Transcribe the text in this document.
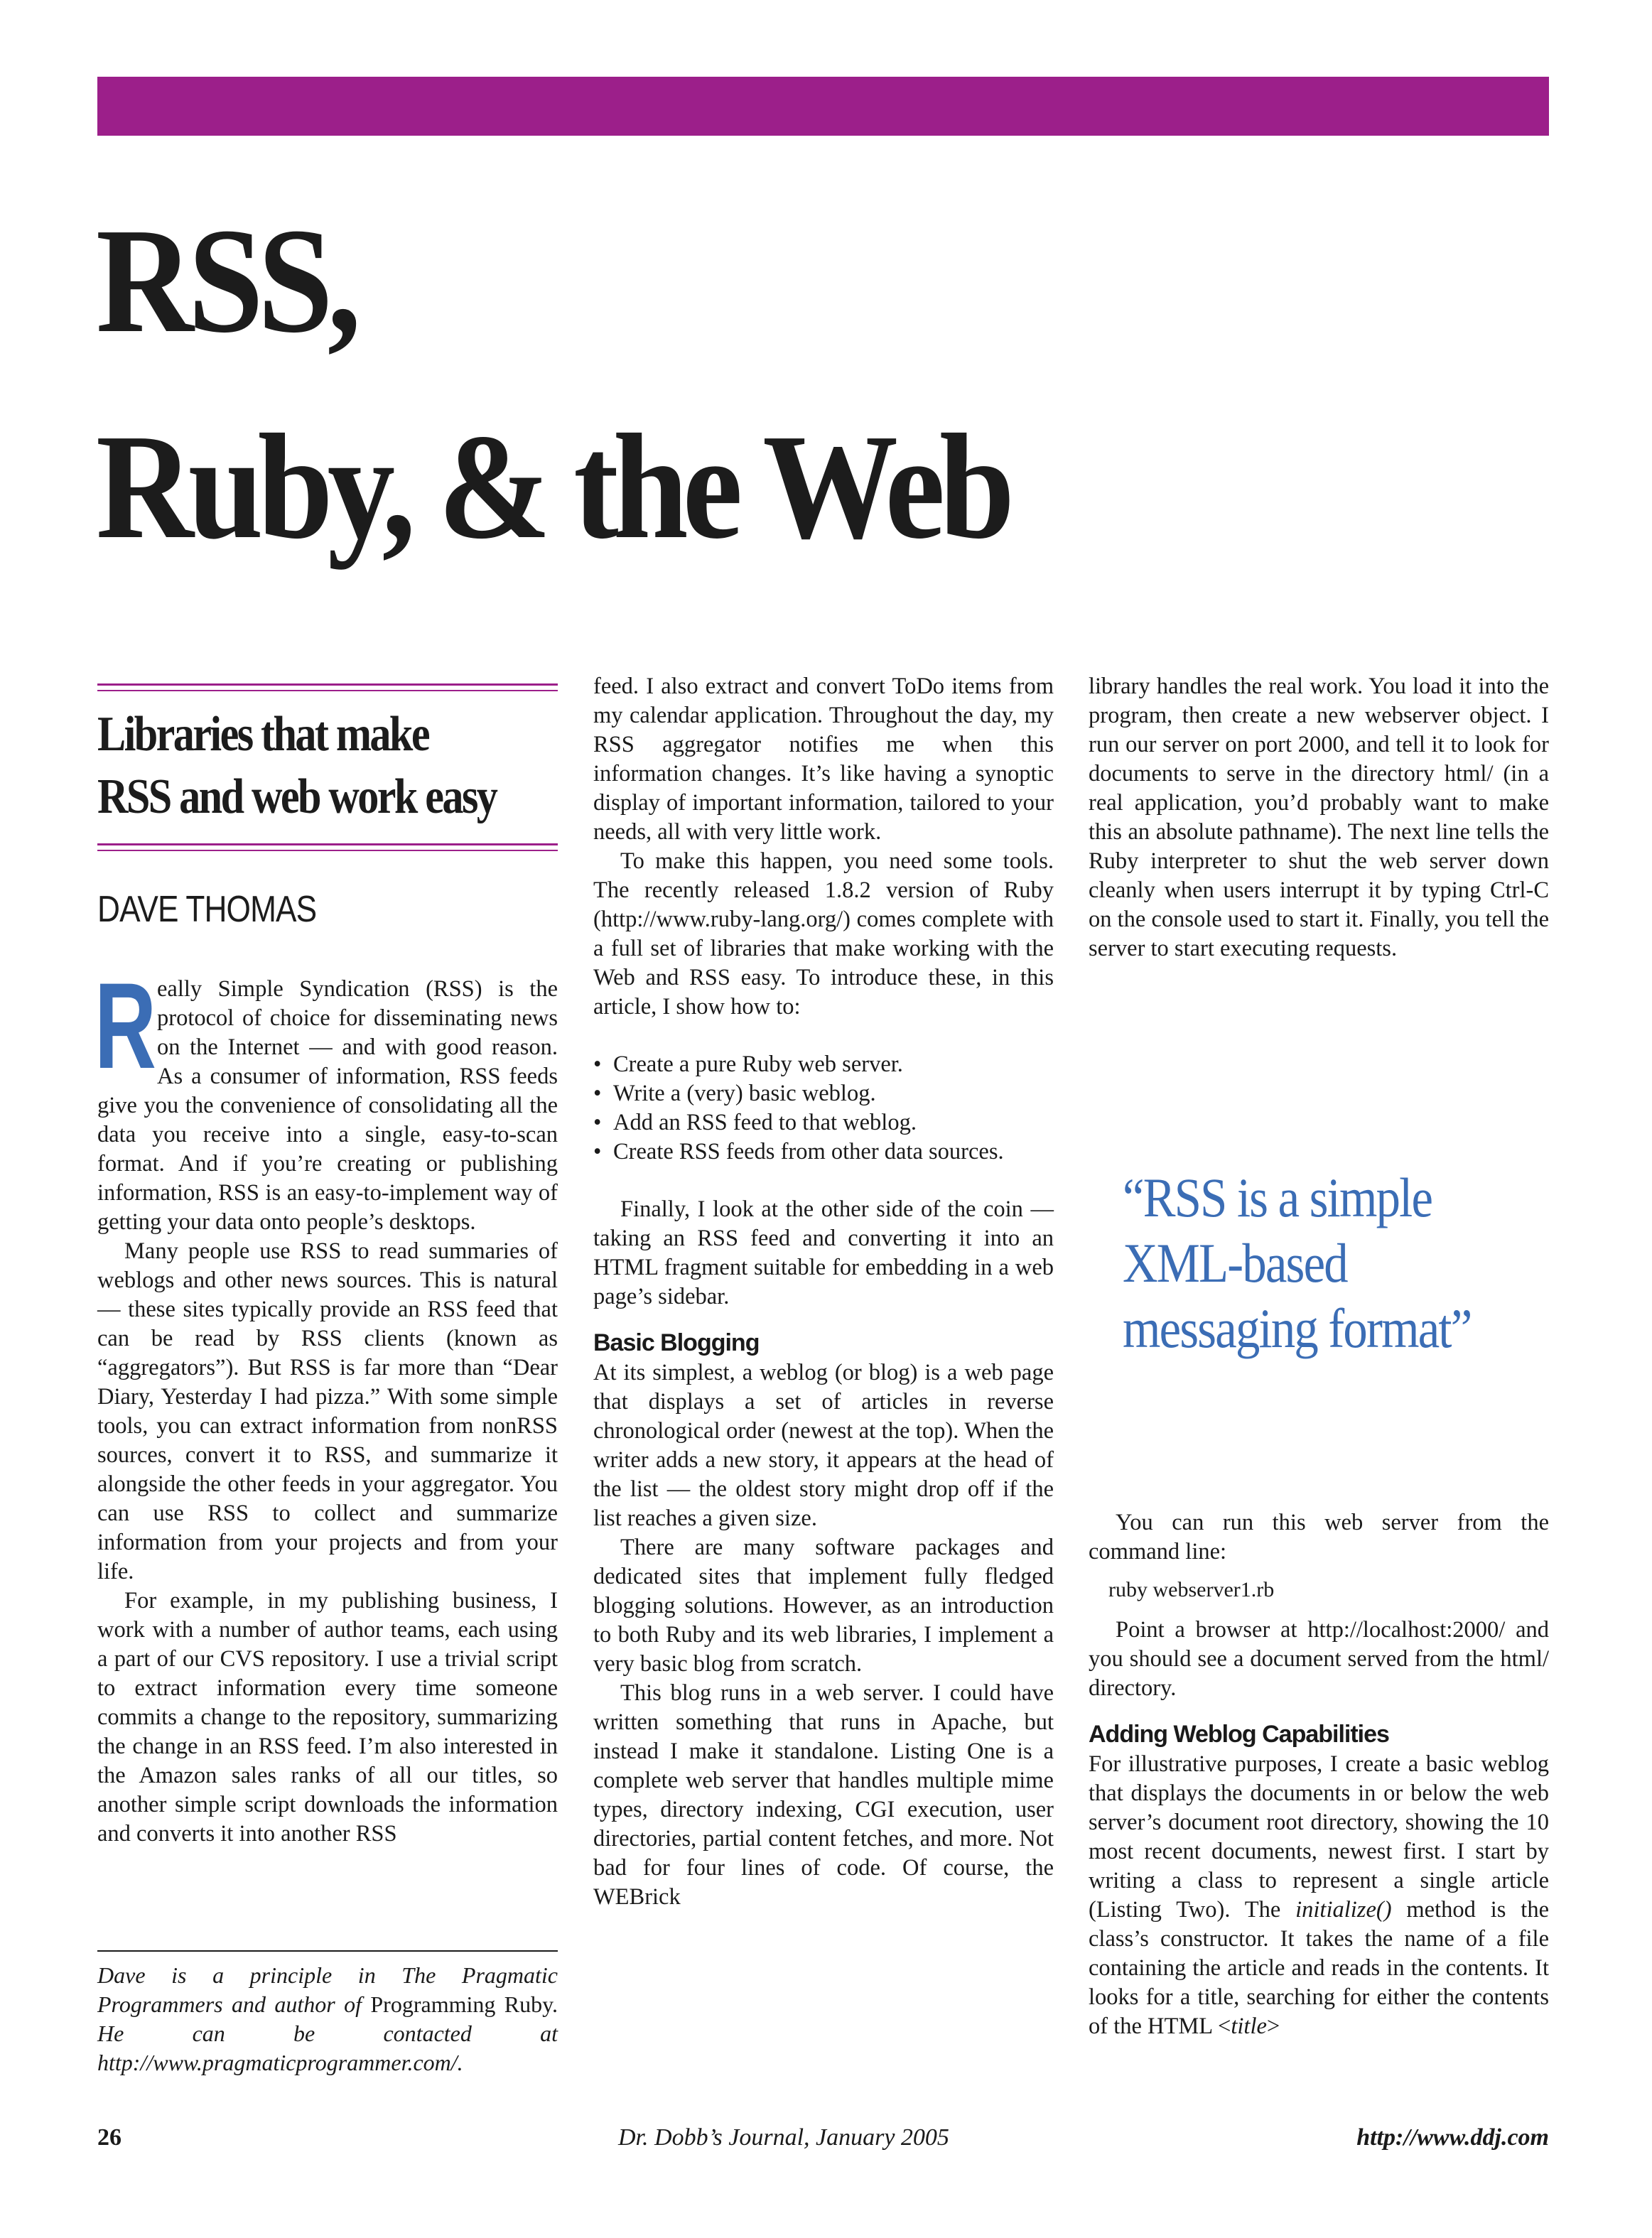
RSS,
Ruby, & the Web
Libraries that make
RSS and web work easy
DAVE THOMAS

Really Simple Syndication (RSS) is the protocol of choice for disseminating news on the Internet — and with good reason. As a consumer of information, RSS feeds give you the convenience of consolidating all the data you receive into a single, easy-to-scan format. And if you’re creating or publishing information, RSS is an easy-to-implement way of getting your data onto people’s desktops.

Many people use RSS to read summaries of weblogs and other news sources. This is natural — these sites typically provide an RSS feed that can be read by RSS clients (known as “aggregators”). But RSS is far more than “Dear Diary, Yesterday I had pizza.” With some simple tools, you can extract information from nonRSS sources, convert it to RSS, and summarize it alongside the other feeds in your aggregator. You can use RSS to collect and summarize information from your projects and from your life.

For example, in my publishing business, I work with a number of author teams, each using a part of our CVS repository. I use a trivial script to extract information every time someone commits a change to the repository, summarizing the change in an RSS feed. I’m also interested in the Amazon sales ranks of all our titles, so another simple script downloads the information and converts it into another RSS

Dave is a principle in The Pragmatic Programmers and author of Programming Ruby. He can be contacted at http://www.pragmaticprogrammer.com/.

feed. I also extract and convert ToDo items from my calendar application. Throughout the day, my RSS aggregator notifies me when this information changes. It’s like having a synoptic display of important information, tailored to your needs, all with very little work.

To make this happen, you need some tools. The recently released 1.8.2 version of Ruby (http://www.ruby-lang.org/) comes complete with a full set of libraries that make working with the Web and RSS easy. To introduce these, in this article, I show how to:

• Create a pure Ruby web server.
• Write a (very) basic weblog.
• Add an RSS feed to that weblog.
• Create RSS feeds from other data sources.

Finally, I look at the other side of the coin — taking an RSS feed and converting it into an HTML fragment suitable for embedding in a web page’s sidebar.

Basic Blogging

At its simplest, a weblog (or blog) is a web page that displays a set of articles in reverse chronological order (newest at the top). When the writer adds a new story, it appears at the head of the list — the oldest story might drop off if the list reaches a given size.

There are many software packages and dedicated sites that implement fully fledged blogging solutions. However, as an introduction to both Ruby and its web libraries, I implement a very basic blog from scratch.

This blog runs in a web server. I could have written something that runs in Apache, but instead I make it standalone. Listing One is a complete web server that handles multiple mime types, directory indexing, CGI execution, user directories, partial content fetches, and more. Not bad for four lines of code. Of course, the WEBrick

library handles the real work. You load it into the program, then create a new webserver object. I run our server on port 2000, and tell it to look for documents to serve in the directory html/ (in a real application, you’d probably want to make this an absolute pathname). The next line tells the Ruby interpreter to shut the web server down cleanly when users interrupt it by typing Ctrl-C on the console used to start it. Finally, you tell the server to start executing requests.

“RSS is a simple
XML-based
messaging format”

You can run this web server from the command line:

ruby webserver1.rb

Point a browser at http://localhost:2000/ and you should see a document served from the html/ directory.

Adding Weblog Capabilities

For illustrative purposes, I create a basic weblog that displays the documents in or below the web server’s document root directory, showing the 10 most recent documents, newest first. I start by writing a class to represent a single article (Listing Two). The initialize() method is the class’s constructor. It takes the name of a file containing the article and reads in the contents. It looks for a title, searching for either the contents of the HTML <title>

26	Dr. Dobb’s Journal, January 2005	http://www.ddj.com
